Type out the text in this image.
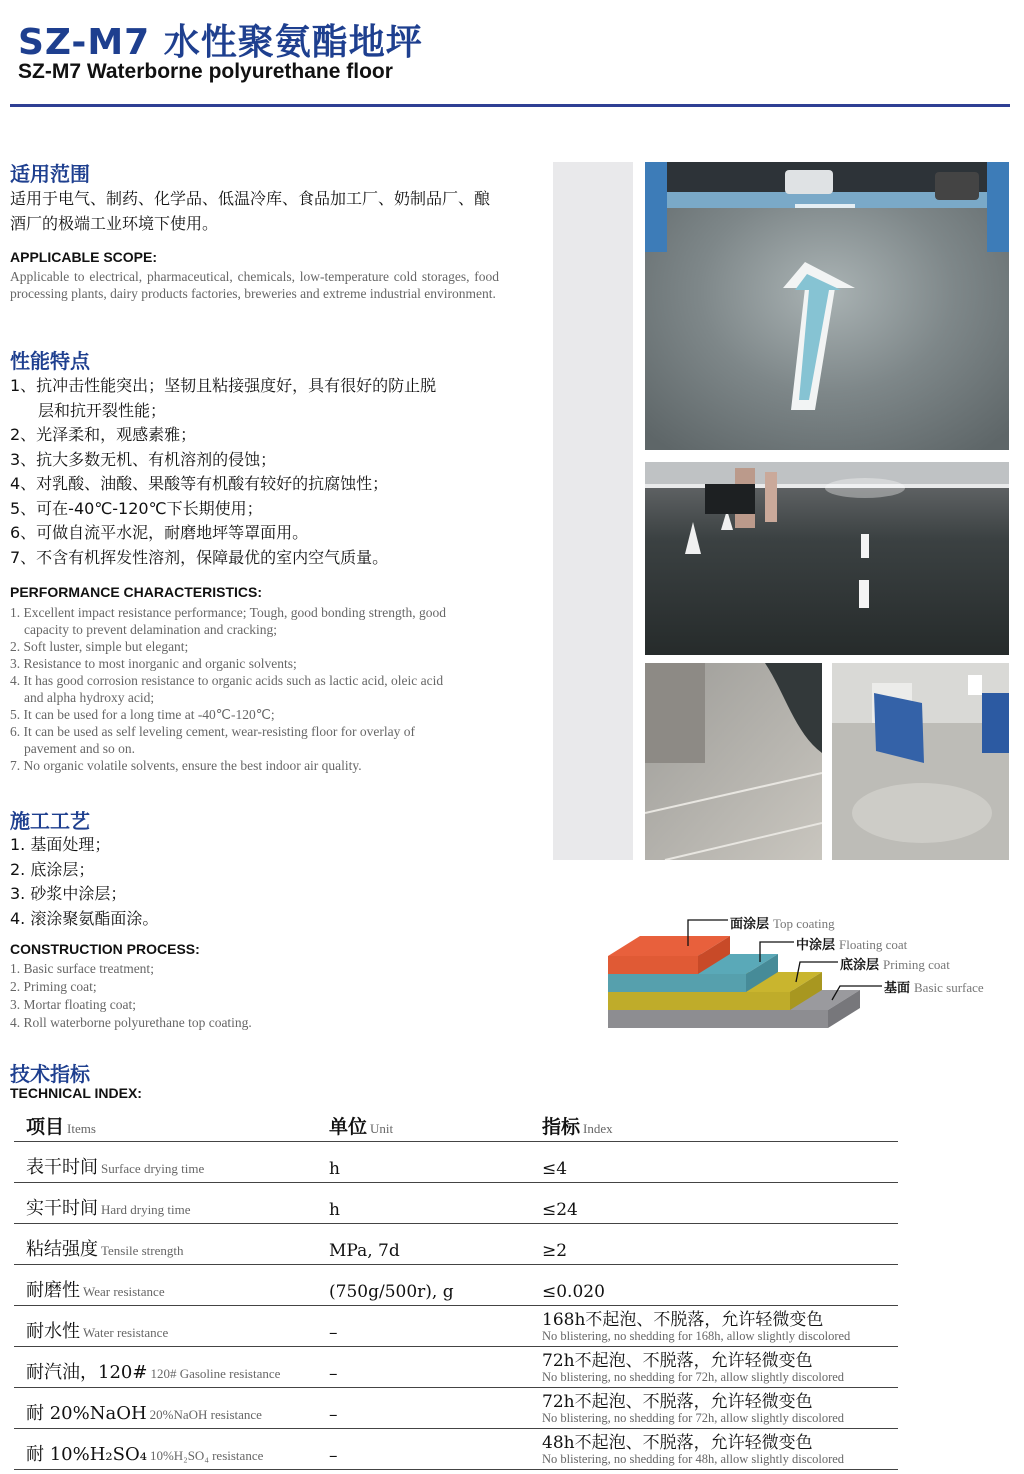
SZ-M7 水性聚氨酯地坪
SZ-M7 Waterborne polyurethane floor
适用范围
适用于电气、制药、化学品、低温冷库、食品加工厂、奶制品厂、酿酒厂的极端工业环境下使用。
APPLICABLE SCOPE:
Applicable to electrical, pharmaceutical, chemicals, low-temperature cold storages, food processing plants, dairy products factories, breweries and extreme industrial environment.
性能特点
1、抗冲击性能突出；坚韧且粘接强度好，具有很好的防止脱
层和抗开裂性能；
2、光泽柔和，观感素雅；
3、抗大多数无机、有机溶剂的侵蚀；
4、对乳酸、油酸、果酸等有机酸有较好的抗腐蚀性；
5、可在-40℃-120℃下长期使用；
6、可做自流平水泥，耐磨地坪等罩面用。
7、不含有机挥发性溶剂，保障最优的室内空气质量。
PERFORMANCE CHARACTERISTICS:
1. Excellent impact resistance performance; Tough, good bonding strength, good
capacity to prevent delamination and cracking;
2. Soft luster, simple but elegant;
3. Resistance to most inorganic and organic solvents;
4. It has good corrosion resistance to organic acids such as lactic acid, oleic acid
and alpha hydroxy acid;
5. It can be used for a long time at -40℃-120℃;
6. It can be used as self leveling cement, wear-resisting floor for overlay of
pavement and so on.
7. No organic volatile solvents, ensure the best indoor air quality.
施工工艺
1. 基面处理；
2. 底涂层；
3. 砂浆中涂层；
4. 滚涂聚氨酯面涂。
CONSTRUCTION PROCESS:
1. Basic surface treatment;
2. Priming coat;
3. Mortar floating coat;
4. Roll waterborne polyurethane top coating.
面涂层 Top coating
中涂层 Floating coat
底涂层 Priming coat
基面 Basic surface
技术指标
TECHNICAL INDEX:
项目 Items	单位 Unit	指标 Index
表干时间 Surface drying time	h	≤4

实干时间 Hard drying time	h	≤24

粘结强度 Tensile strength	MPa, 7d	≥2

耐磨性 Wear resistance	(750g/500r), g	≤0.020

耐水性 Water resistance	–	168h不起泡、不脱落，允许轻微变色
No blistering, no shedding for 168h, allow slightly discolored

耐汽油，120# 120# Gasoline resistance	–	72h不起泡、不脱落，允许轻微变色
No blistering, no shedding for 72h, allow slightly discolored

耐 20%NaOH 20%NaOH resistance	–	72h不起泡、不脱落，允许轻微变色
No blistering, no shedding for 72h, allow slightly discolored

耐 10%H₂SO₄ 10%H₂SO₄ resistance	–	48h不起泡、不脱落，允许轻微变色
No blistering, no shedding for 48h, allow slightly discolored
